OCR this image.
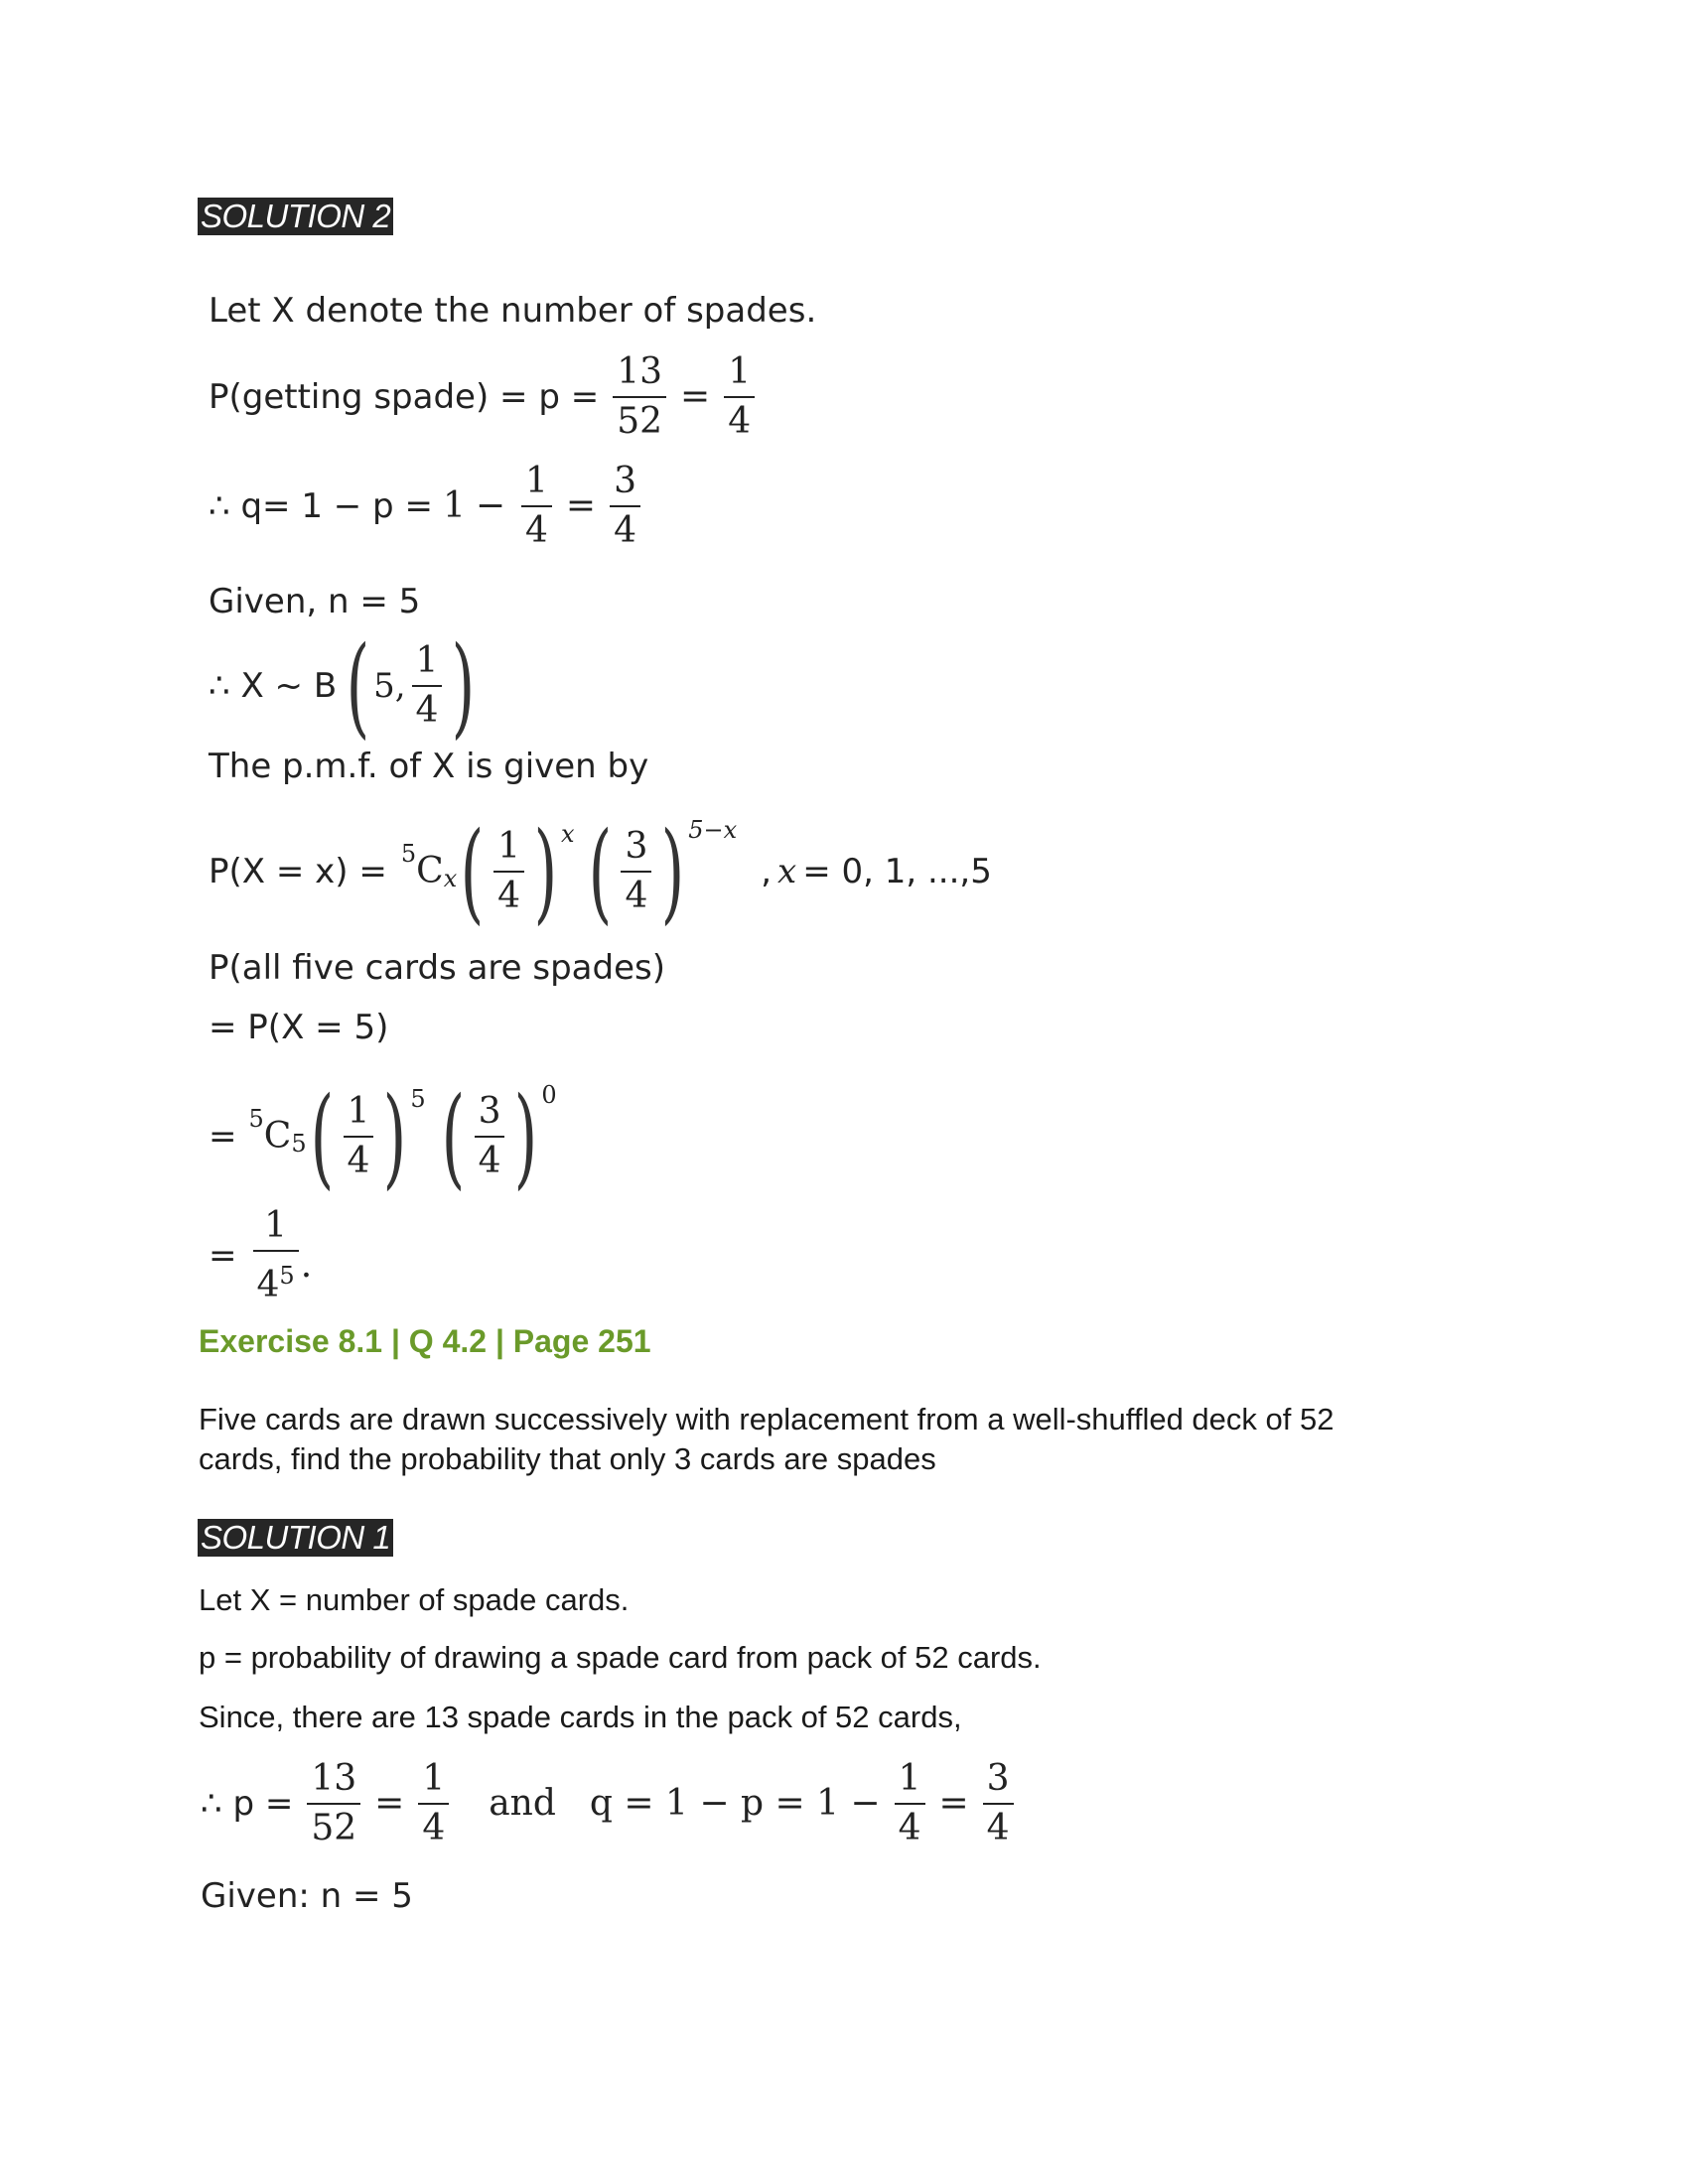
SOLUTION 2
Let X denote the number of spades.
P(getting spade) = $p = \frac{13}{52} = \frac{1}{4}$
∴ $q= 1 - p = 1 - \frac{1}{4} = \frac{3}{4}$
Given, n = 5
∴ X ~ B ( 5, $\frac{1}{4}$ )
The p.m.f. of X is given by
P(X = x) = 5 C x ( $\frac{1}{4}$ ) x ( $\frac{3}{4}$ ) 5−x
, x = 0, 1, ...,5
P(all five cards are spades)
= P(X = 5)
= 5 C 5 ( $\frac{1}{4}$ ) 5 ( $\frac{3}{4}$ ) 0
= $\frac{1}{4^5}$ .
Exercise 8.1 | Q 4.2 | Page 251
Five cards are drawn successively with replacement from a well-shuffled deck of 52
cards, find the probability that only 3 cards are spades
SOLUTION 1
Let X = number of spade cards.
p = probability of drawing a spade card from pack of 52 cards.
Since, there are 13 spade cards in the pack of 52 cards,
∴ $p = \frac{13}{52} = \frac{1}{4}$ and $q = 1 - p = 1 - \frac{1}{4} = \frac{3}{4}$
Given: n = 5
